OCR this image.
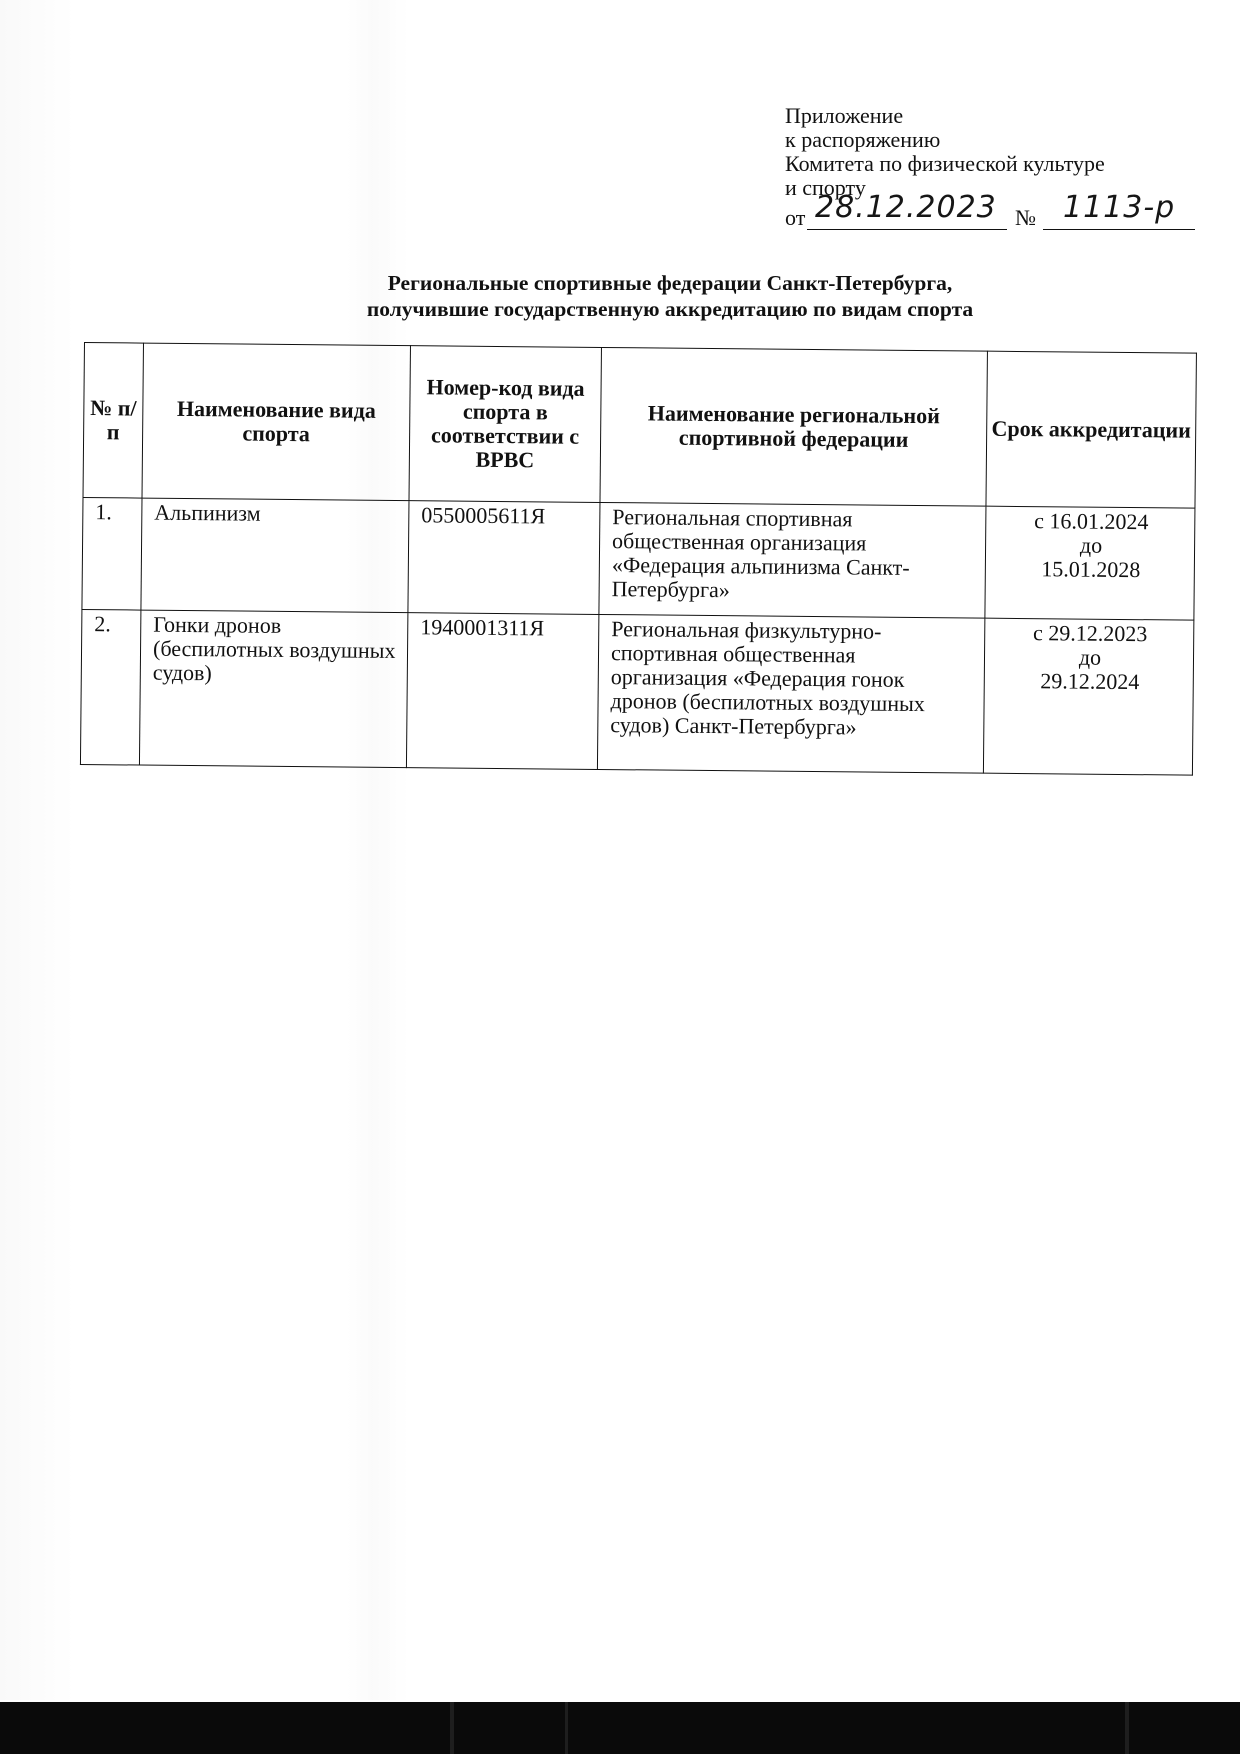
Приложение
к распоряжению
Комитета по физической культуре
и спорту
от 28.12.2023 № 1113-р
Региональные спортивные федерации Санкт-Петербурга,
получившие государственную аккредитацию по видам спорта
№ п/п	Наименование вида спорта	Номер-код вида спорта в соответствии с ВРВС	Наименование региональной спортивной федерации	Срок аккредитации
1.	Альпинизм	0550005611Я	Региональная спортивная общественная организация «Федерация альпинизма Санкт-Петербурга»	с 16.01.2024
до
15.01.2028

2.	Гонки дронов (беспилотных воздушных судов)	1940001311Я	Региональная физкультурно-спортивная общественная организация «Федерация гонок дронов (беспилотных воздушных судов) Санкт-Петербурга»	с 29.12.2023
до
29.12.2024
